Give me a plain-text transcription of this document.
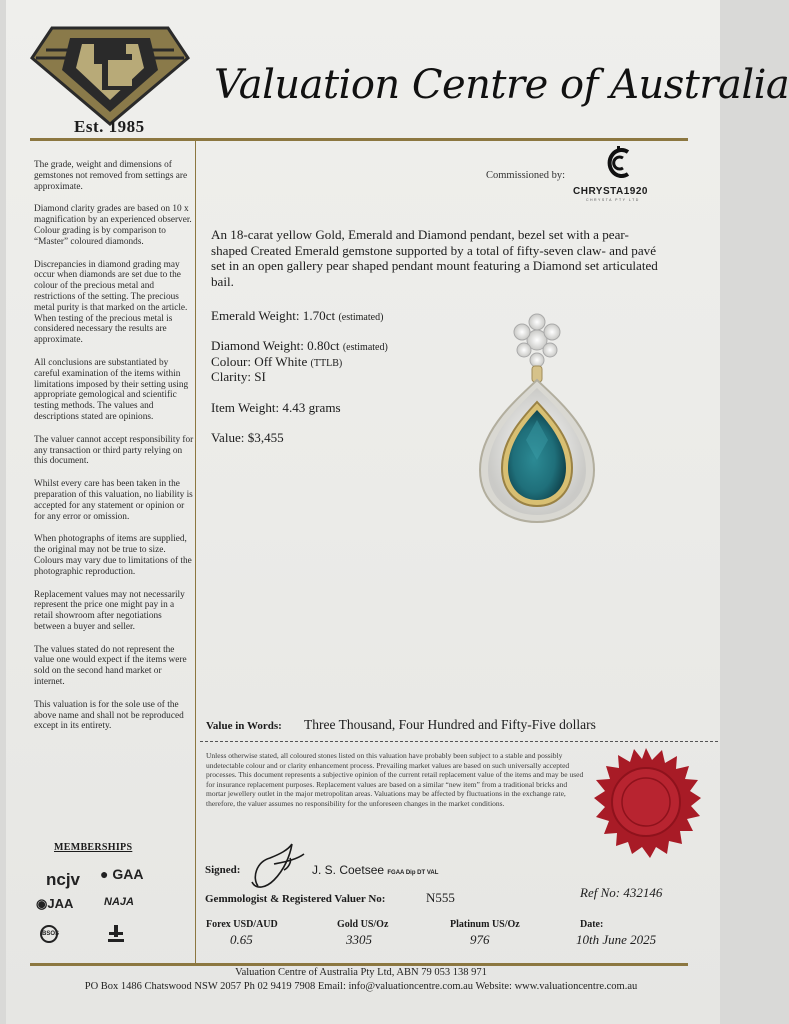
Est. 1985
Valuation Centre of Australia

The grade, weight and dimensions of gemstones not removed from settings are approximate.

Diamond clarity grades are based on 10 x magnification by an experienced observer. Colour grading is by comparison to “Master” coloured diamonds.

Discrepancies in diamond grading may occur when diamonds are set due to the colour of the precious metal and restrictions of the setting. The precious metal purity is that marked on the article. When testing of the precious metal is considered necessary the results are approximate.

All conclusions are substantiated by careful examination of the items within limitations imposed by their setting using appropriate gemological and scientific testing methods. The values and descriptions stated are opinions.

The valuer cannot accept responsibility for any transaction or third party relying on this document.

Whilst every care has been taken in the preparation of this valuation, no liability is accepted for any statement or opinion or for any error or omission.

When photographs of items are supplied, the original may not be true to size. Colours may vary due to limitations of the photographic reproduction.

Replacement values may not necessarily represent the price one might pay in a retail showroom after negotiations between a buyer and seller.

The values stated do not represent the value one would expect if the items were sold on the second hand market or internet.

This valuation is for the sole use of the above name and shall not be reproduced except in its entirety.

MEMBERSHIPS
ncjv ● GAA
◉JAA	NAJA
BSOS
Commissioned by:
CHRYSTA1920
CHRYSTA PTY LTD
An 18-carat yellow Gold, Emerald and Diamond pendant, bezel set with a pear-shaped Created Emerald gemstone supported by a total of fifty-seven claw- and pavé set in an open gallery pear shaped pendant mount featuring a Diamond set articulated bail.
Emerald Weight: 1.70ct (estimated)
Diamond Weight: 0.80ct (estimated)
Colour: Off White (TTLB)
Clarity: SI
Item Weight: 4.43 grams
Value: $3,455
Value in Words: Three Thousand, Four Hundred and Fifty-Five dollars
Unless otherwise stated, all coloured stones listed on this valuation have probably been subject to a stable and possibly undetectable colour and or clarity enhancement process. Prevailing market values are based on such universally accepted processes. This document represents a subjective opinion of the current retail replacement value of the items and may be used for insurance replacement purposes. Replacement values are based on a similar “new item” from a traditional bricks and mortar jewellery outlet in the major metropolitan areas. Valuations may be affected by fluctuations in the exchange rate, therefore, the valuer assumes no responsibility for the unforeseen changes in the market conditions.
Signed:	J. S. Coetsee FGAA Dip DT VAL
Gemmologist & Registered Valuer No:	N555	Ref No: 432146
Forex USD/AUD
0.65
Gold US/Oz
3305
Platinum US/Oz
976
Date:
10th June 2025
Valuation Centre of Australia Pty Ltd, ABN 79 053 138 971
PO Box 1486 Chatswood NSW 2057 Ph 02 9419 7908 Email: info@valuationcentre.com.au Website: www.valuationcentre.com.au
